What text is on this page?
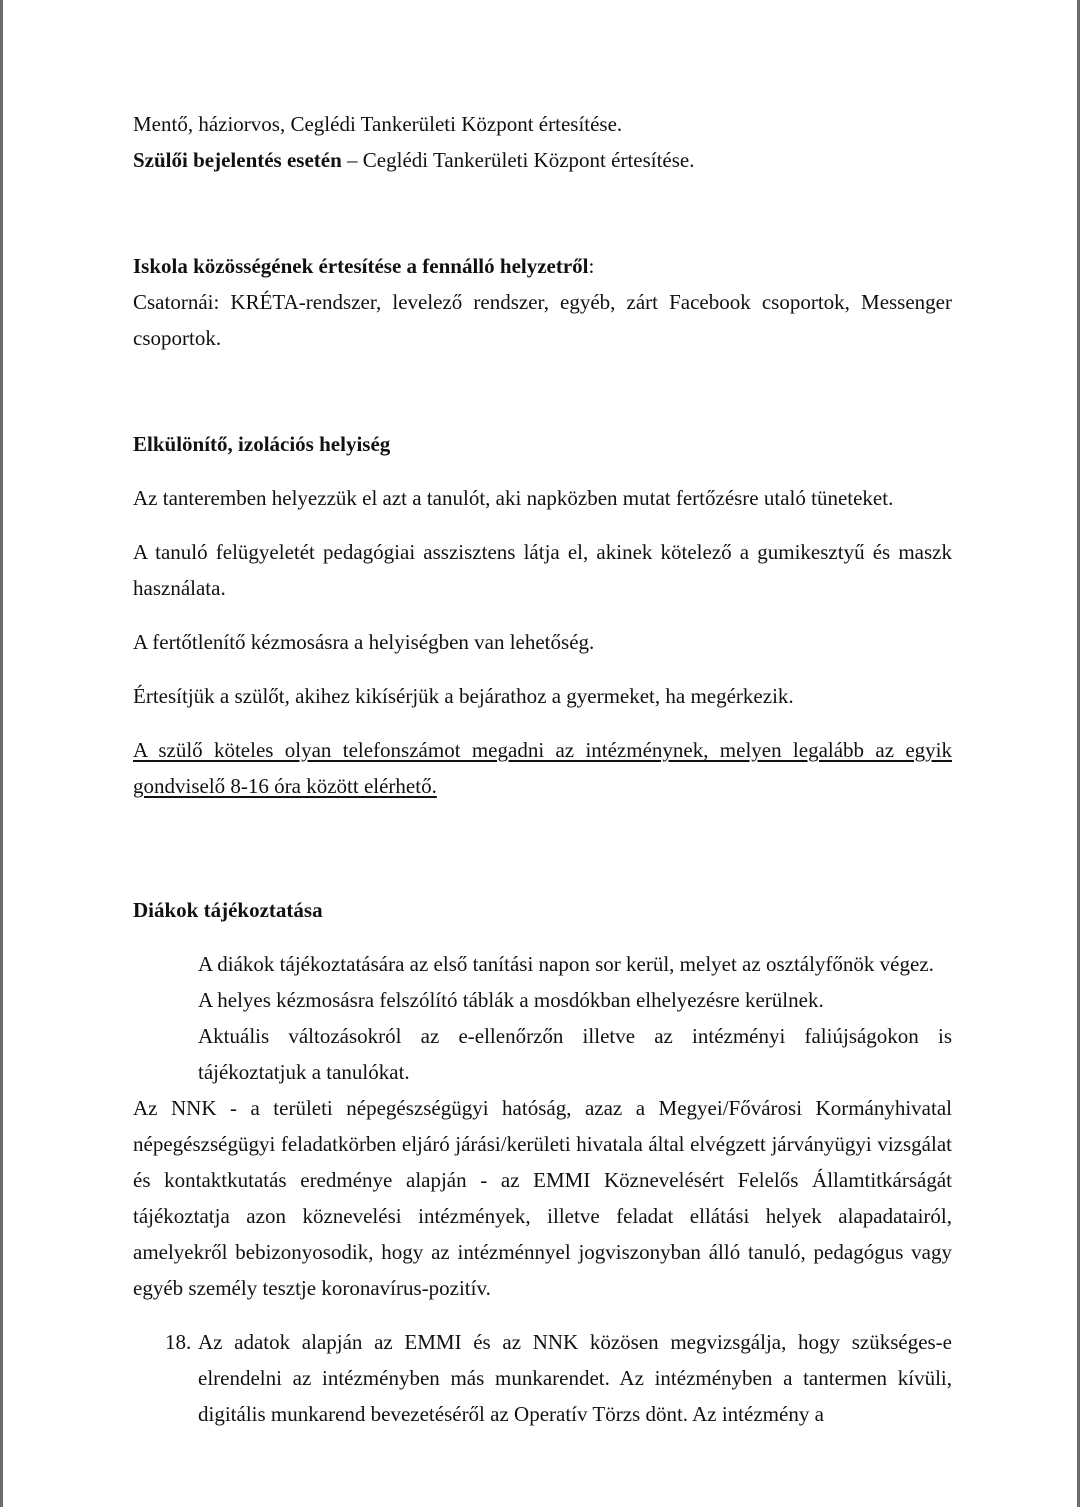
Mentő, háziorvos, Ceglédi Tankerületi Központ értesítése.

Szülői bejelentés esetén – Ceglédi Tankerületi Központ értesítése.

Iskola közösségének értesítése a fennálló helyzetről:

Csatornái: KRÉTA-rendszer, levelező rendszer, egyéb, zárt Facebook csoportok, Messenger csoportok.

Elkülönítő, izolációs helyiség

Az tanteremben helyezzük el azt a tanulót, aki napközben mutat fertőzésre utaló tüneteket.

A tanuló felügyeletét pedagógiai asszisztens látja el, akinek kötelező a gumikesztyű és maszk használata.

A fertőtlenítő kézmosásra a helyiségben van lehetőség.

Értesítjük a szülőt, akihez kikísérjük a bejárathoz a gyermeket, ha megérkezik.

A szülő köteles olyan telefonszámot megadni az intézménynek, melyen legalább az egyik gondviselő 8-16 óra között elérhető.

Diákok tájékoztatása

A diákok tájékoztatására az első tanítási napon sor kerül, melyet az osztályfőnök végez.

A helyes kézmosásra felszólító táblák a mosdókban elhelyezésre kerülnek.

Aktuális változásokról az e-ellenőrzőn illetve az intézményi faliújságokon is tájékoztatjuk a tanulókat.

Az NNK - a területi népegészségügyi hatóság, azaz a Megyei/Fővárosi Kormányhivatal népegészségügyi feladatkörben eljáró járási/kerületi hivatala által elvégzett járványügyi vizsgálat és kontaktkutatás eredménye alapján - az EMMI Köznevelésért Felelős Államtitkárságát tájékoztatja azon köznevelési intézmények, illetve feladat ellátási helyek alapadatairól, amelyekről bebizonyosodik, hogy az intézménnyel jogviszonyban álló tanuló, pedagógus vagy egyéb személy tesztje koronavírus-pozitív.

18. Az adatok alapján az EMMI és az NNK közösen megvizsgálja, hogy szükséges-e elrendelni az intézményben más munkarendet. Az intézményben a tantermen kívüli, digitális munkarend bevezetéséről az Operatív Törzs dönt. Az intézmény a
